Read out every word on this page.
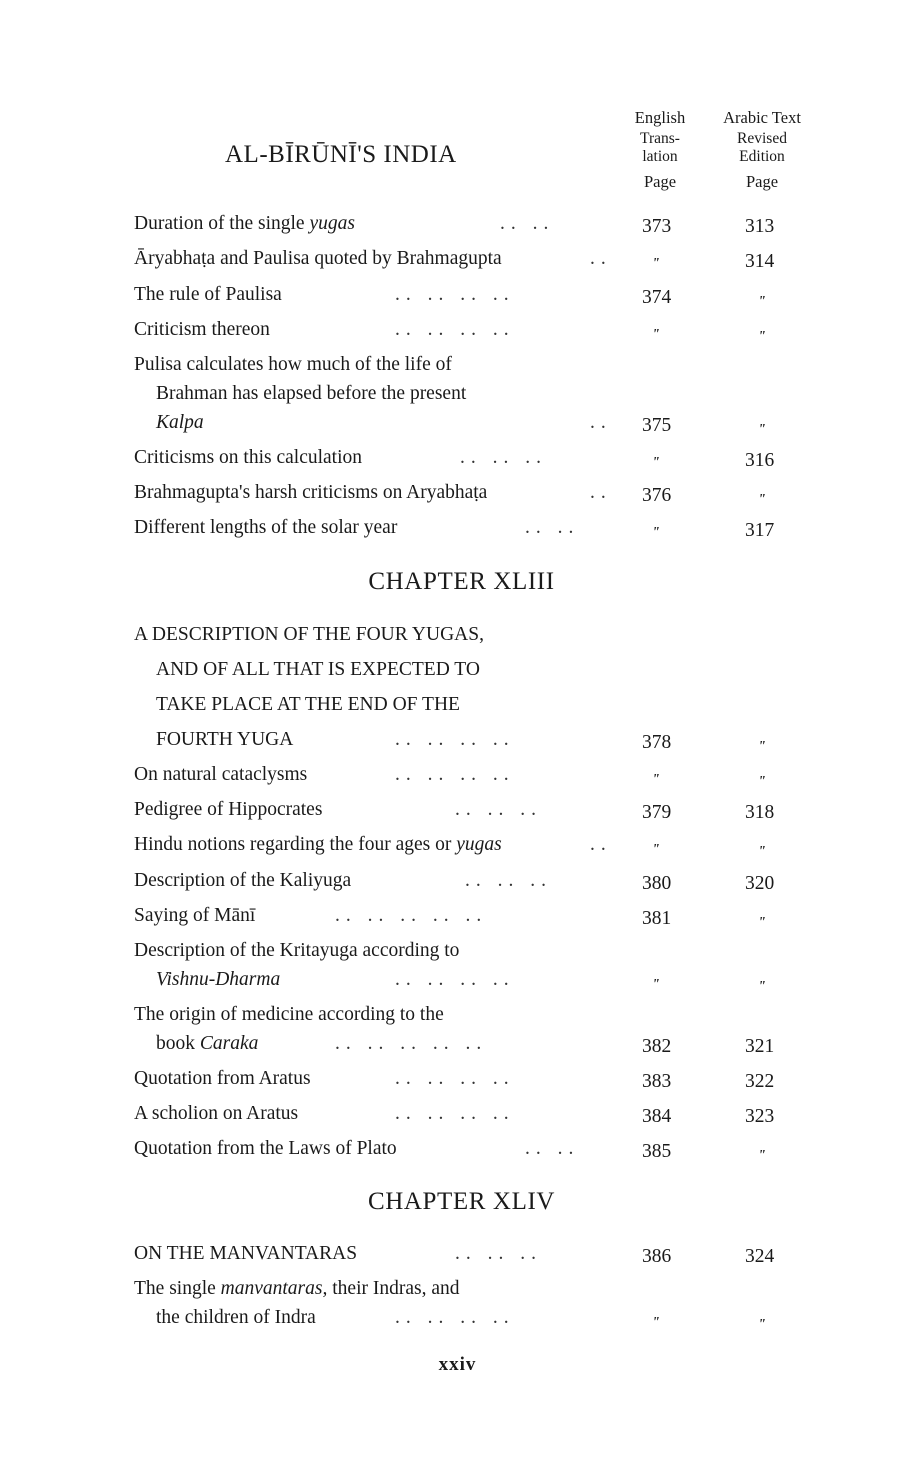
AL-BĪRŪNĪ'S INDIA
English
Trans-
lation
Page
Arabic Text
Revised
Edition
Page
Duration of the single yugas	.. ..	373	313
Āryabhaṭa and Paulisa quoted by Brahmagupta	..	"	314
The rule of Paulisa	.. .. .. ..	374	"
Criticism thereon	.. .. .. ..	"	"
Pulisa calculates how much of the life of
Brahman has elapsed before the present
Kalpa	.. 375	"
Criticisms on this calculation	.. .. ..	"	316
Brahmagupta's harsh criticisms on Aryabhaṭa	.. 376	"
Different lengths of the solar year	.. ..	"	317
CHAPTER XLIII
A DESCRIPTION OF THE FOUR YUGAS,
AND OF ALL THAT IS EXPECTED TO
TAKE PLACE AT THE END OF THE
FOURTH YUGA	.. .. .. ..	378	"
On natural cataclysms	.. .. .. ..	"	"
Pedigree of Hippocrates	.. .. ..	379	318
Hindu notions regarding the four ages or yugas	..	"	"
Description of the Kaliyuga	.. .. ..	380	320
Saying of Mānī	.. .. .. .. ..	381	"
Description of the Kritayuga according to
Vishnu-Dharma	.. .. .. ..	"	"
The origin of medicine according to the
book Caraka	.. .. .. .. ..	382	321
Quotation from Aratus	.. .. .. ..	383	322
A scholion on Aratus	.. .. .. ..	384	323
Quotation from the Laws of Plato	.. ..	385	"
CHAPTER XLIV
ON THE MANVANTARAS	.. .. ..	386	324
The single manvantaras, their Indras, and
the children of Indra	.. .. .. ..	"	"
xxiv
